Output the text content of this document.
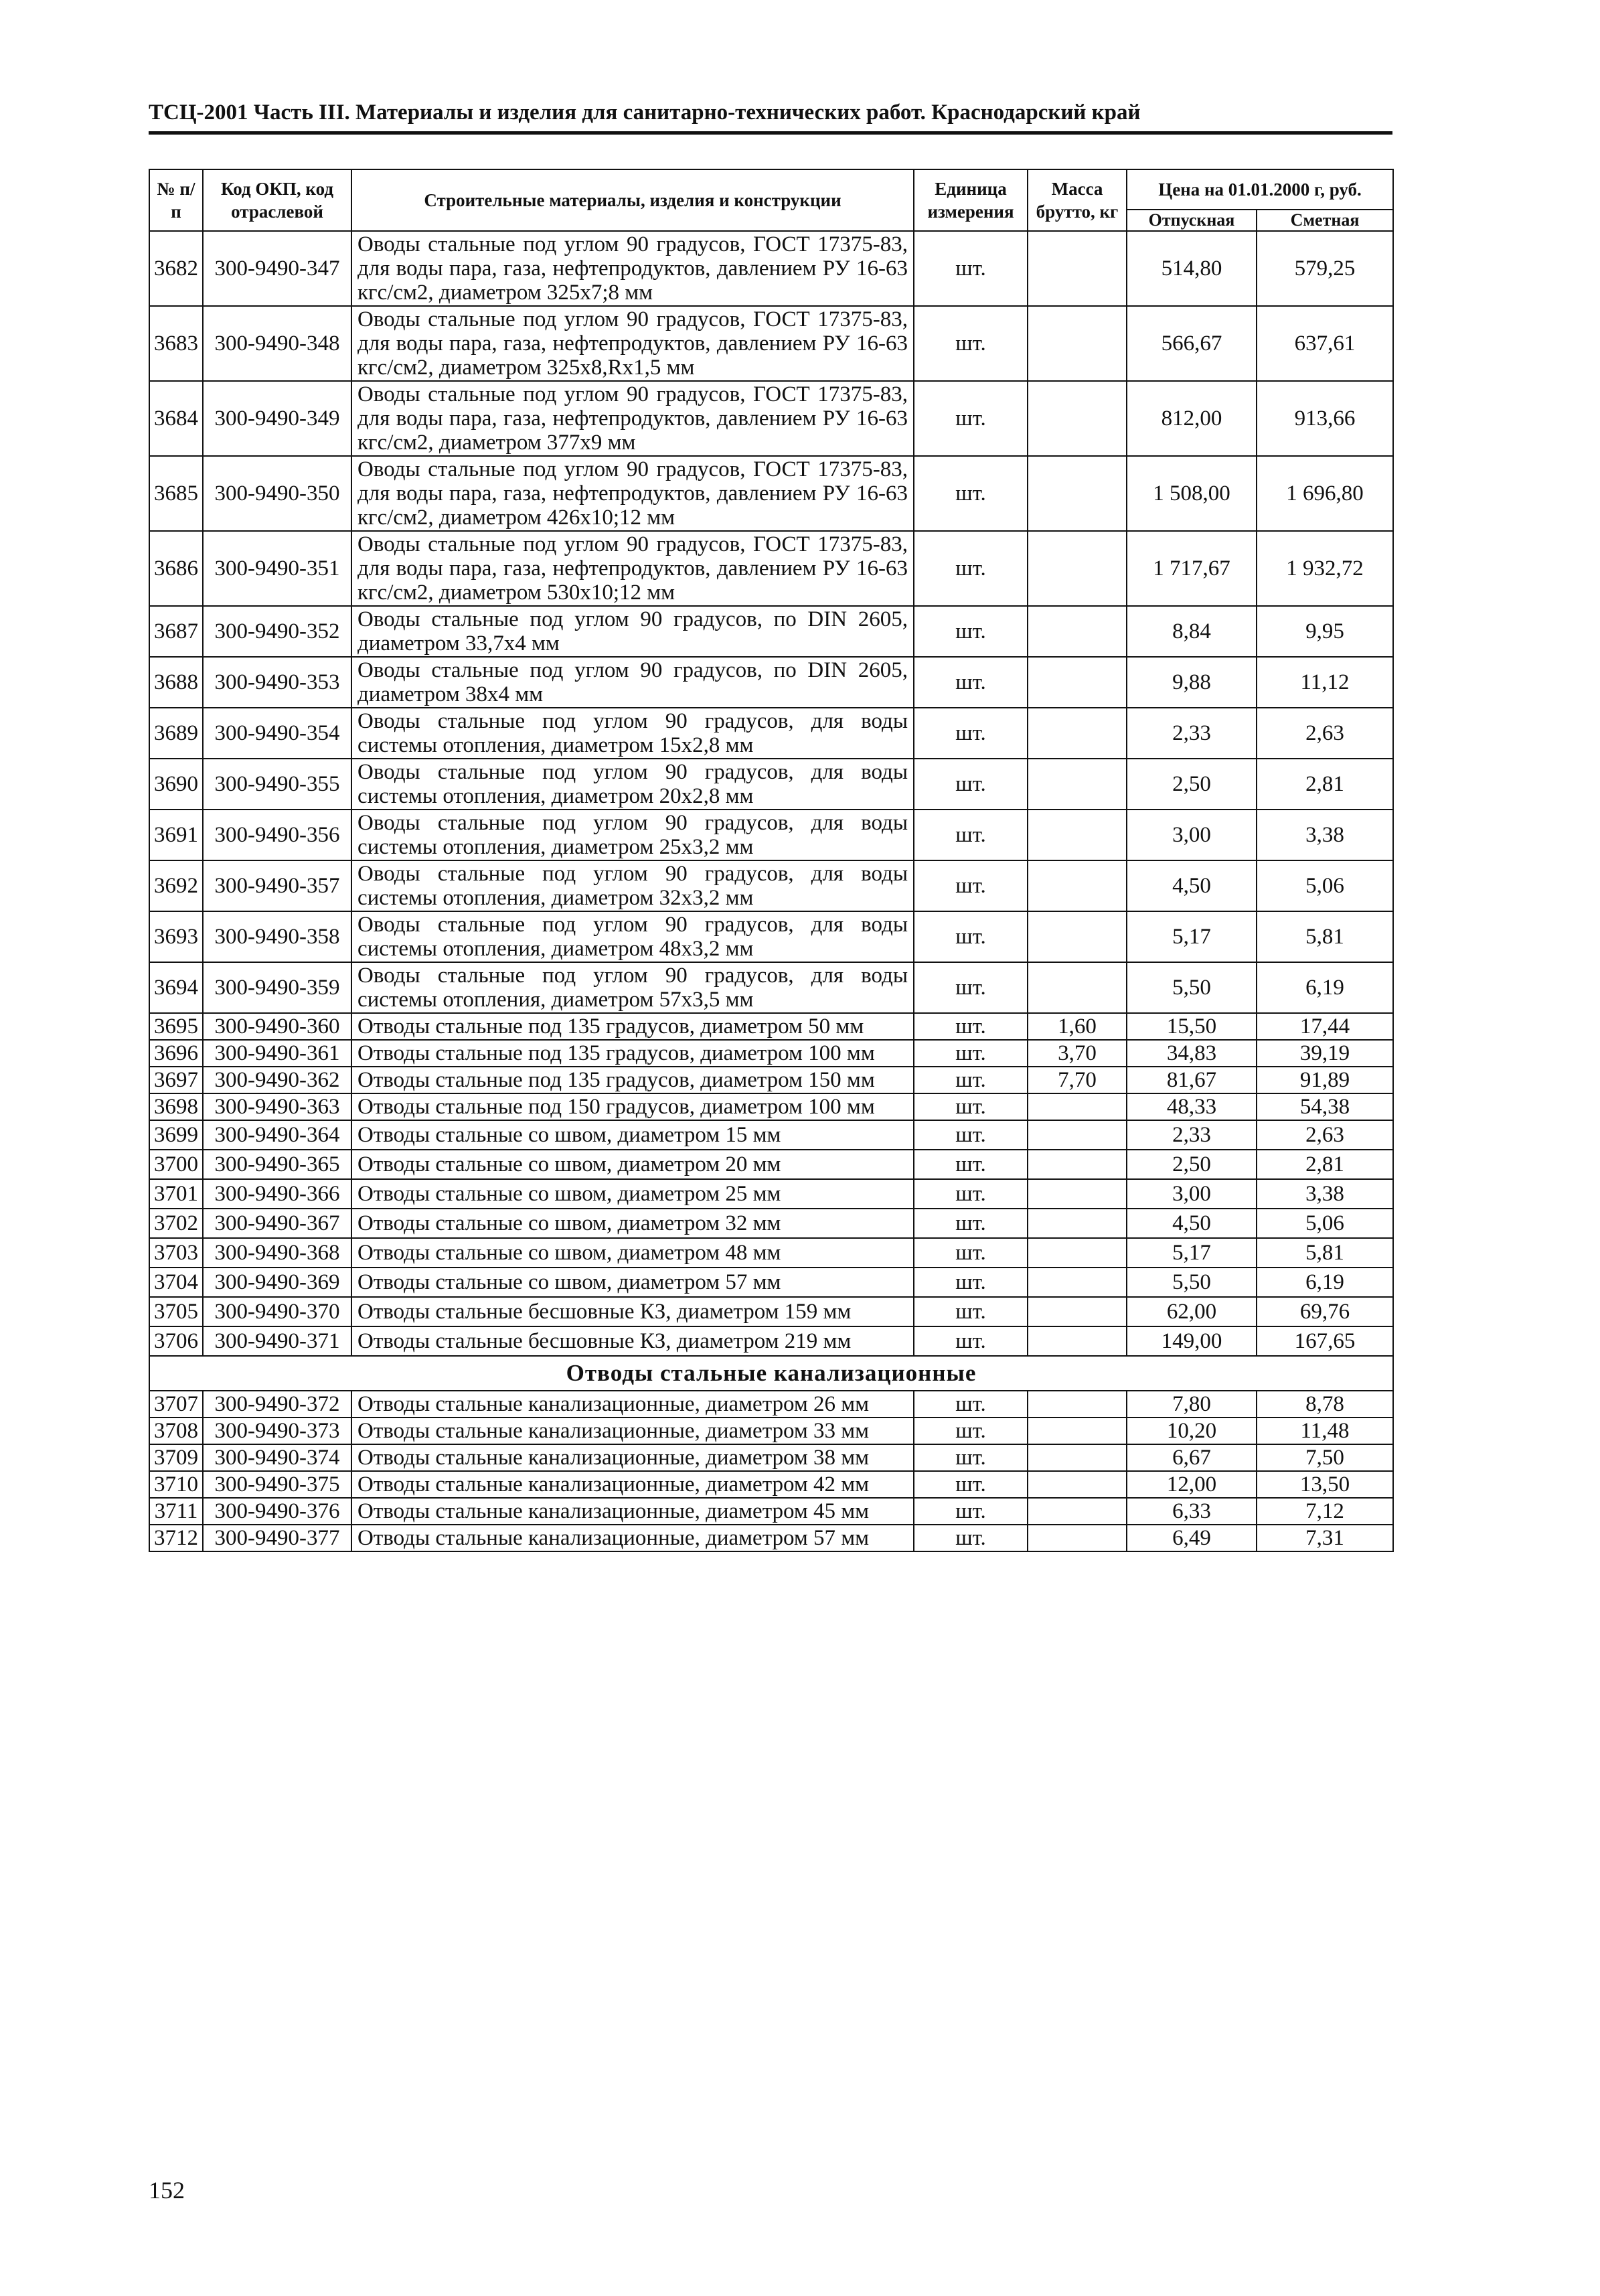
ТСЦ-2001 Часть III. Материалы и изделия для санитарно-технических работ. Краснодарский край
№ п/п	Код ОКП, код отраслевой	Строительные материалы, изделия и конструкции	Единица измерения	Масса брутто, кг	Цена на 01.01.2000 г, руб.	
					Отпускная	Сметная
3682	300-9490-347	Оводы стальные под углом 90 градусов, ГОСТ 17375-83, для воды пара, газа, нефтепродуктов, давлением РУ 16-63 кгс/см2, диаметром 325х7;8 мм	шт.		514,80	579,25
3683	300-9490-348	Оводы стальные под углом 90 градусов, ГОСТ 17375-83, для воды пара, газа, нефтепродуктов, давлением РУ 16-63 кгс/см2, диаметром 325х8,Rх1,5 мм	шт.		566,67	637,61
3684	300-9490-349	Оводы стальные под углом 90 градусов, ГОСТ 17375-83, для воды пара, газа, нефтепродуктов, давлением РУ 16-63 кгс/см2, диаметром 377х9 мм	шт.		812,00	913,66
3685	300-9490-350	Оводы стальные под углом 90 градусов, ГОСТ 17375-83, для воды пара, газа, нефтепродуктов, давлением РУ 16-63 кгс/см2, диаметром 426х10;12 мм	шт.		1 508,00	1 696,80
3686	300-9490-351	Оводы стальные под углом 90 градусов, ГОСТ 17375-83, для воды пара, газа, нефтепродуктов, давлением РУ 16-63 кгс/см2, диаметром 530х10;12 мм	шт.		1 717,67	1 932,72
3687	300-9490-352	Оводы стальные под углом 90 градусов, по DIN 2605, диаметром 33,7х4 мм	шт.		8,84	9,95
3688	300-9490-353	Оводы стальные под углом 90 градусов, по DIN 2605, диаметром 38х4 мм	шт.		9,88	11,12
3689	300-9490-354	Оводы стальные под углом 90 градусов, для воды системы отопления, диаметром 15х2,8 мм	шт.		2,33	2,63
3690	300-9490-355	Оводы стальные под углом 90 градусов, для воды системы отопления, диаметром 20х2,8 мм	шт.		2,50	2,81
3691	300-9490-356	Оводы стальные под углом 90 градусов, для воды системы отопления, диаметром 25х3,2 мм	шт.		3,00	3,38
3692	300-9490-357	Оводы стальные под углом 90 градусов, для воды системы отопления, диаметром 32х3,2 мм	шт.		4,50	5,06
3693	300-9490-358	Оводы стальные под углом 90 градусов, для воды системы отопления, диаметром 48х3,2 мм	шт.		5,17	5,81
3694	300-9490-359	Оводы стальные под углом 90 градусов, для воды системы отопления, диаметром 57х3,5 мм	шт.		5,50	6,19
3695	300-9490-360	Отводы стальные под 135 градусов, диаметром 50 мм	шт.	1,60	15,50	17,44
3696	300-9490-361	Отводы стальные под 135 градусов, диаметром 100 мм	шт.	3,70	34,83	39,19
3697	300-9490-362	Отводы стальные под 135 градусов, диаметром 150 мм	шт.	7,70	81,67	91,89
3698	300-9490-363	Отводы стальные под 150 градусов, диаметром 100 мм	шт.		48,33	54,38
3699	300-9490-364	Отводы стальные со швом, диаметром 15 мм	шт.		2,33	2,63
3700	300-9490-365	Отводы стальные со швом, диаметром 20 мм	шт.		2,50	2,81
3701	300-9490-366	Отводы стальные со швом, диаметром 25 мм	шт.		3,00	3,38
3702	300-9490-367	Отводы стальные со швом, диаметром 32 мм	шт.		4,50	5,06
3703	300-9490-368	Отводы стальные со швом, диаметром 48 мм	шт.		5,17	5,81
3704	300-9490-369	Отводы стальные со швом, диаметром 57 мм	шт.		5,50	6,19
3705	300-9490-370	Отводы стальные бесшовные КЗ, диаметром 159 мм	шт.		62,00	69,76
3706	300-9490-371	Отводы стальные бесшовные КЗ, диаметром 219 мм	шт.		149,00	167,65
Отводы стальные канализационные						
3707	300-9490-372	Отводы стальные канализационные, диаметром 26 мм	шт.		7,80	8,78
3708	300-9490-373	Отводы стальные канализационные, диаметром 33 мм	шт.		10,20	11,48
3709	300-9490-374	Отводы стальные канализационные, диаметром 38 мм	шт.		6,67	7,50
3710	300-9490-375	Отводы стальные канализационные, диаметром 42 мм	шт.		12,00	13,50
3711	300-9490-376	Отводы стальные канализационные, диаметром 45 мм	шт.		6,33	7,12
3712	300-9490-377	Отводы стальные канализационные, диаметром 57 мм	шт.		6,49	7,31
152
